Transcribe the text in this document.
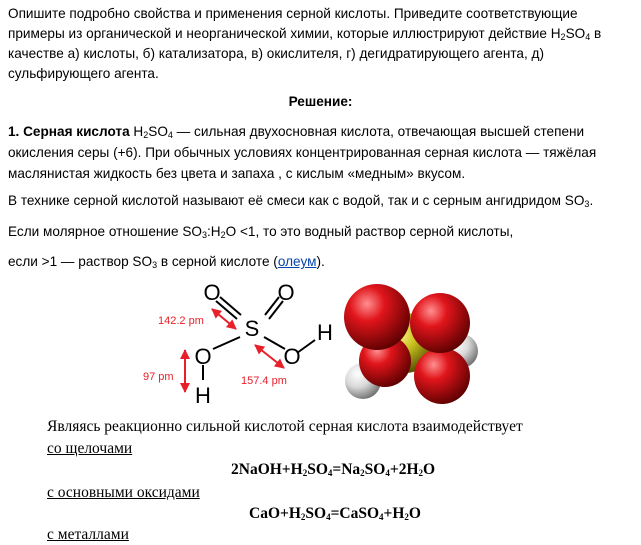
Опишите подробно свойства и применения серной кислоты. Приведите соответствующие примеры из органической и неорганической химии, которые иллюстрируют действие $H_2SO_4$ в качестве а) кислоты, б) катализатора, в) окислителя, г) дегидратирующего агента, д) сульфирующего агента.

Решение:

1. Серная кислота $H_2SO_4$ — сильная двухосновная кислота, отвечающая высшей степени окисления серы (+6). При обычных условиях концентрированная серная кислота — тяжёлая маслянистая жидкость без цвета и запаха , с кислым «медным» вкусом.

В технике серной кислотой называют её смеси как с водой, так и с серным ангидридом $SO_3$.

Если молярное отношение $SO_3:H_2O <1$, то это водный раствор серной кислоты,

если >1 — раствор $SO_3$ в серной кислоте (олеум).

O	O
S
O	O
H
H
142.2 pm
97 pm	157.4 pm

Являясь реакционно сильной кислотой серная кислота взаимодействует

со щелочами

$2NaOH+H_2SO_4=Na_2SO_4+2H_2O$

с основными оксидами

$CaO+H_2SO_4=CaSO_4+H_2O$

с металлами
